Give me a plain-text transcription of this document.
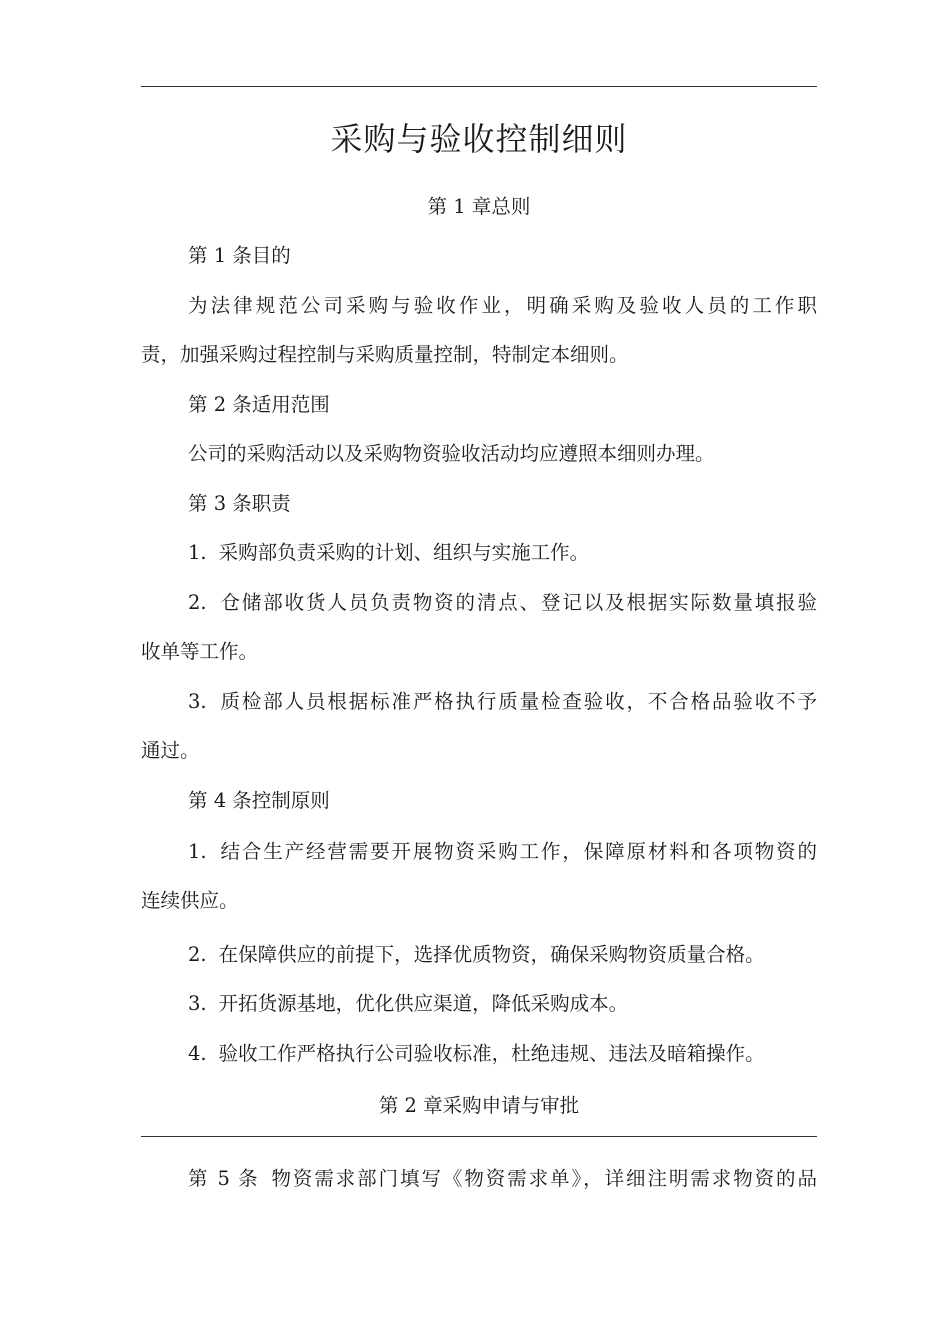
采购与验收控制细则
第 1 章总则
第 1 条目的
为法律规范公司采购与验收作业，明确采购及验收人员的工作职
责，加强采购过程控制与采购质量控制，特制定本细则。
第 2 条适用范围
公司的采购活动以及采购物资验收活动均应遵照本细则办理。
第 3 条职责
1. 采购部负责采购的计划、组织与实施工作。
2. 仓储部收货人员负责物资的清点、登记以及根据实际数量填报验
收单等工作。
3. 质检部人员根据标准严格执行质量检查验收，不合格品验收不予
通过。
第 4 条控制原则
1. 结合生产经营需要开展物资采购工作，保障原材料和各项物资的
连续供应。
2. 在保障供应的前提下，选择优质物资，确保采购物资质量合格。
3. 开拓货源基地，优化供应渠道，降低采购成本。
4. 验收工作严格执行公司验收标准，杜绝违规、违法及暗箱操作。
第 2 章采购申请与审批
第 5 条 物资需求部门填写《物资需求单》，详细注明需求物资的品
